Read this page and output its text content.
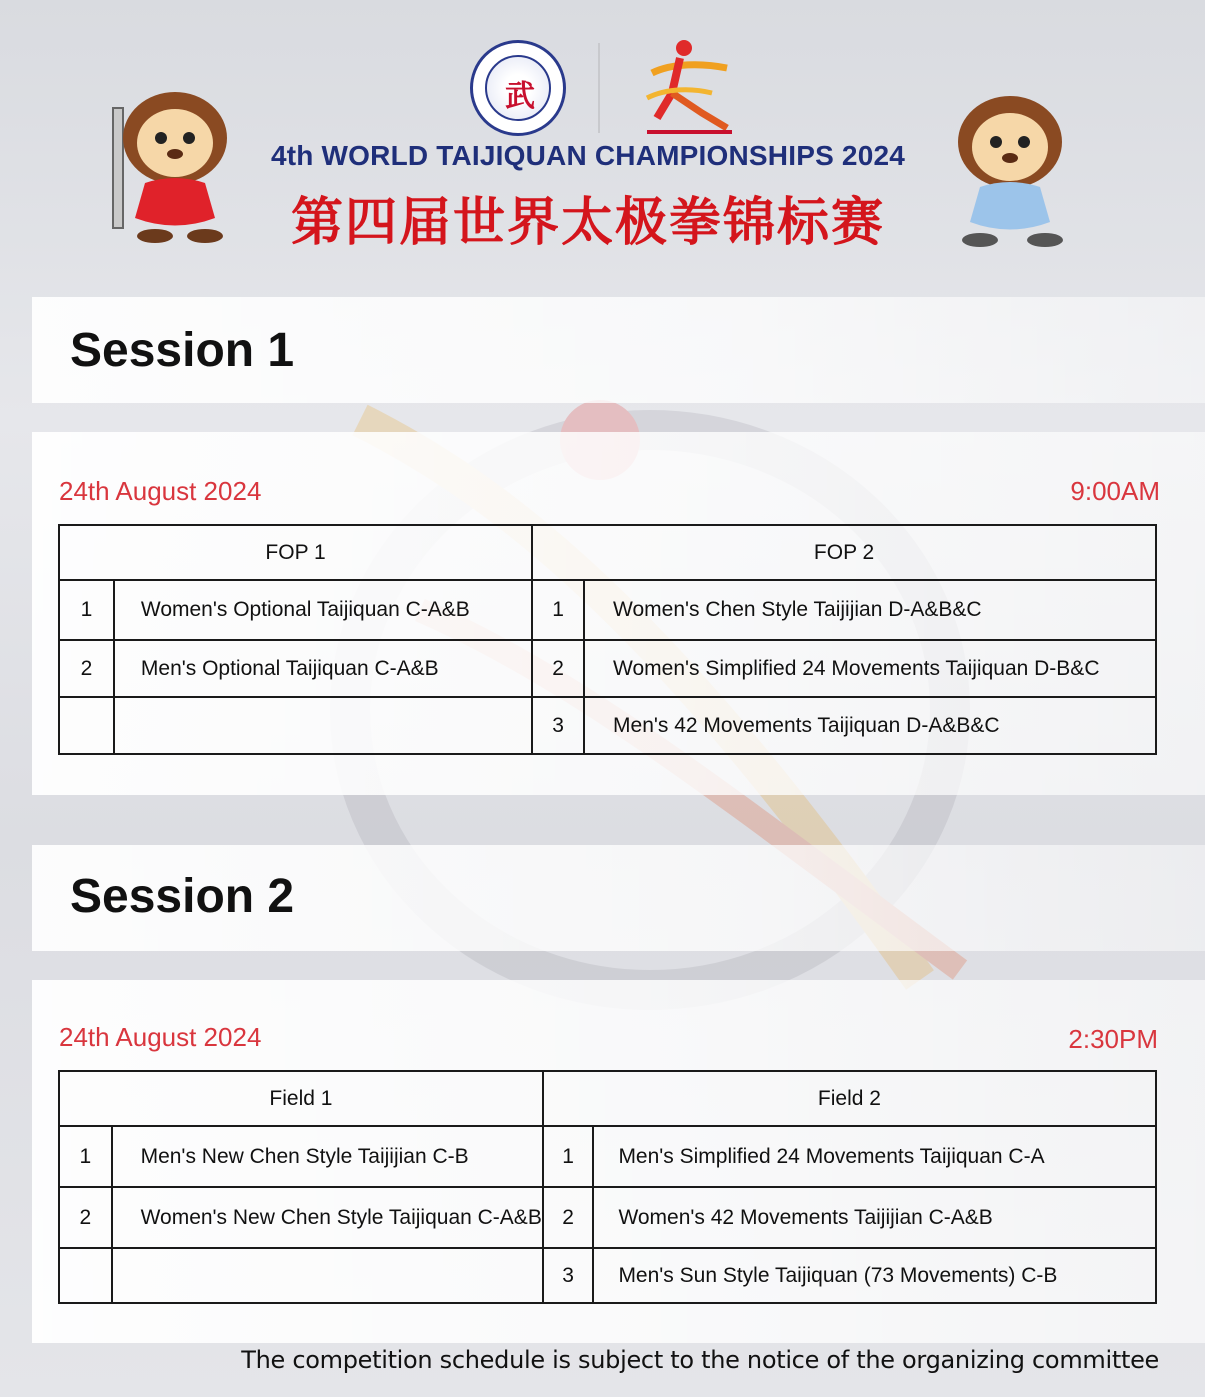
武
4th WORLD TAIJIQUAN CHAMPIONSHIPS 2024
第四届世界太极拳锦标赛
Session 1
24th August 2024	9:00AM
FOP 1		FOP 2	
1	Women's Optional Taijiquan C-A&B	1	Women's Chen Style Taijijian D-A&B&C
2	Men's Optional Taijiquan C-A&B	2	Women's Simplified 24 Movements Taijiquan D-B&C
		3	Men's 42 Movements Taijiquan D-A&B&C
Session 2
24th August 2024	2:30PM
Field 1		Field 2	
1	Men's New Chen Style Taijijian C-B	1	Men's Simplified 24 Movements Taijiquan C-A
2	Women's New Chen Style Taijiquan C-A&B	2	Women's 42 Movements Taijijian C-A&B
		3	Men's Sun Style Taijiquan (73 Movements) C-B
The competition schedule is subject to the notice of the organizing committee
